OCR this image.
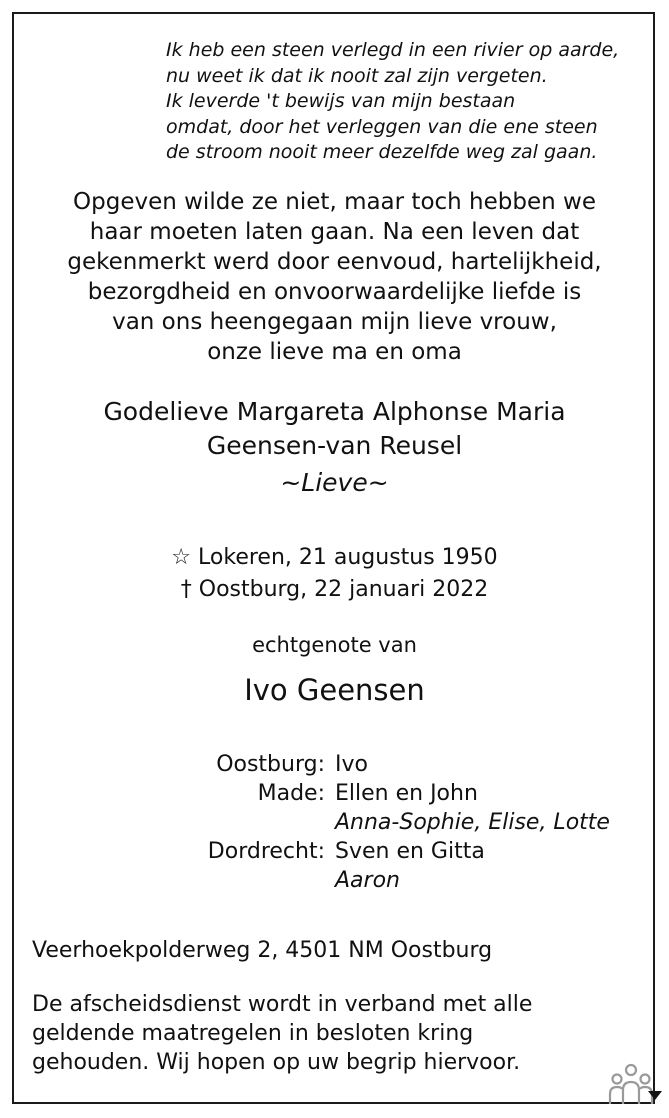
Ik heb een steen verlegd in een rivier op aarde,
nu weet ik dat ik nooit zal zijn vergeten.
Ik leverde 't bewijs van mijn bestaan
omdat, door het verleggen van die ene steen
de stroom nooit meer dezelfde weg zal gaan.
Opgeven wilde ze niet, maar toch hebben we
haar moeten laten gaan. Na een leven dat
gekenmerkt werd door eenvoud, hartelijkheid,
bezorgdheid en onvoorwaardelijke liefde is
van ons heengegaan mijn lieve vrouw,
onze lieve ma en oma
Godelieve Margareta Alphonse Maria
Geensen-van Reusel
~Lieve~
☆ Lokeren, 21 augustus 1950
† Oostburg, 22 januari 2022
echtgenote van
Ivo Geensen
Oostburg: Ivo
Made: Ellen en John
Anna-Sophie, Elise, Lotte
Dordrecht: Sven en Gitta
Aaron
Veerhoekpolderweg 2, 4501 NM Oostburg
De afscheidsdienst wordt in verband met alle
geldende maatregelen in besloten kring
gehouden. Wij hopen op uw begrip hiervoor.
